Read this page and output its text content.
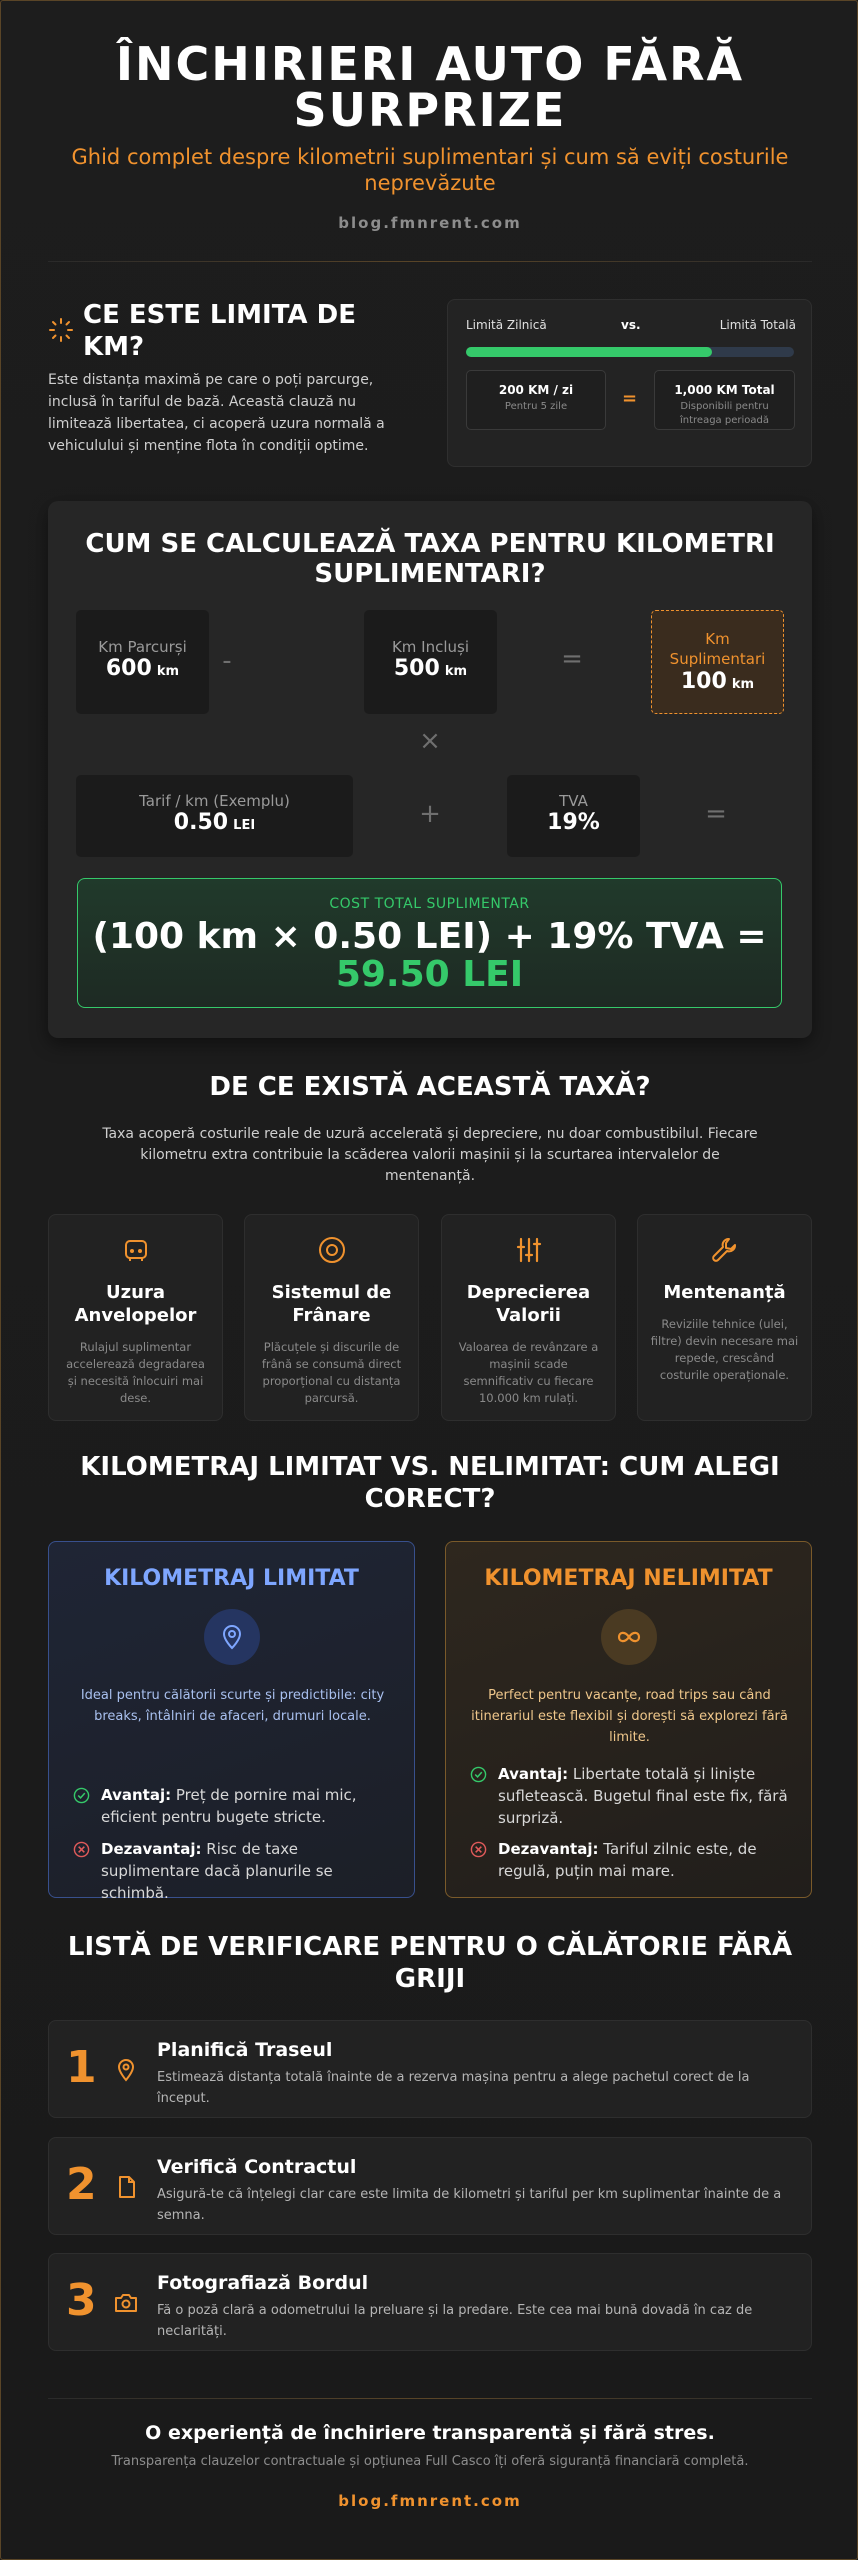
ÎNCHIRIERI AUTO FĂRĂ SURPRIZE
Ghid complet despre kilometrii suplimentari și cum să eviți costurile neprevăzute
blog.fmnrent.com
CE ESTE LIMITA DE KM?
Este distanța maximă pe care o poți parcurge, inclusă în tariful de bază. Această clauză nu limitează libertatea, ci acoperă uzura normală a vehiculului și menține flota în condiții optime.
Limită Zilnică	vs.	Limită Totală
200 KM / zi
Pentru 5 zile	=	1,000 KM Total
Disponibili pentru întreaga perioadă
CUM SE CALCULEAZĂ TAXA PENTRU KILOMETRI SUPLIMENTARI?
Km Parcurși
600 km	-	Km Incluși
500 km	=
Km Suplimentari
100 km
×
Tarif / km (Exemplu)
0.50 LEI	+	TVA
19%	=
COST TOTAL SUPLIMENTAR
(100 km × 0.50 LEI) + 19% TVA =
59.50 LEI
DE CE EXISTĂ ACEASTĂ TAXĂ?
Taxa acoperă costurile reale de uzură accelerată și depreciere, nu doar combustibilul. Fiecare kilometru extra contribuie la scăderea valorii mașinii și la scurtarea intervalelor de mentenanță.
Uzura Anvelopelor
Rulajul suplimentar accelerează degradarea și necesită înlocuiri mai dese.
Sistemul de Frânare
Plăcuțele și discurile de frână se consumă direct proporțional cu distanța parcursă.
Deprecierea Valorii
Valoarea de revânzare a mașinii scade semnificativ cu fiecare 10.000 km rulați.
Mentenanță
Reviziile tehnice (ulei, filtre) devin necesare mai repede, crescând costurile operaționale.
KILOMETRAJ LIMITAT VS. NELIMITAT: CUM ALEGI CORECT?
KILOMETRAJ LIMITAT
Ideal pentru călătorii scurte și predictibile: city breaks, întâlniri de afaceri, drumuri locale.
Avantaj: Preț de pornire mai mic, eficient pentru bugete stricte.
Dezavantaj: Risc de taxe suplimentare dacă planurile se schimbă.
KILOMETRAJ NELIMITAT
Perfect pentru vacanțe, road trips sau când itinerariul este flexibil și dorești să explorezi fără limite.
Avantaj: Libertate totală și liniște sufletească. Bugetul final este fix, fără surpriză.
Dezavantaj: Tariful zilnic este, de regulă, puțin mai mare.
LISTĂ DE VERIFICARE PENTRU O CĂLĂTORIE FĂRĂ GRIJI
1	Planifică Traseul
Estimează distanța totală înainte de a rezerva mașina pentru a alege pachetul corect de la început.
2	Verifică Contractul
Asigură-te că înțelegi clar care este limita de kilometri și tariful per km suplimentar înainte de a semna.
3	Fotografiază Bordul
Fă o poză clară a odometrului la preluare și la predare. Este cea mai bună dovadă în caz de neclarități.
O experiență de închiriere transparentă și fără stres.
Transparența clauzelor contractuale și opțiunea Full Casco îți oferă siguranță financiară completă.
blog.fmnrent.com
